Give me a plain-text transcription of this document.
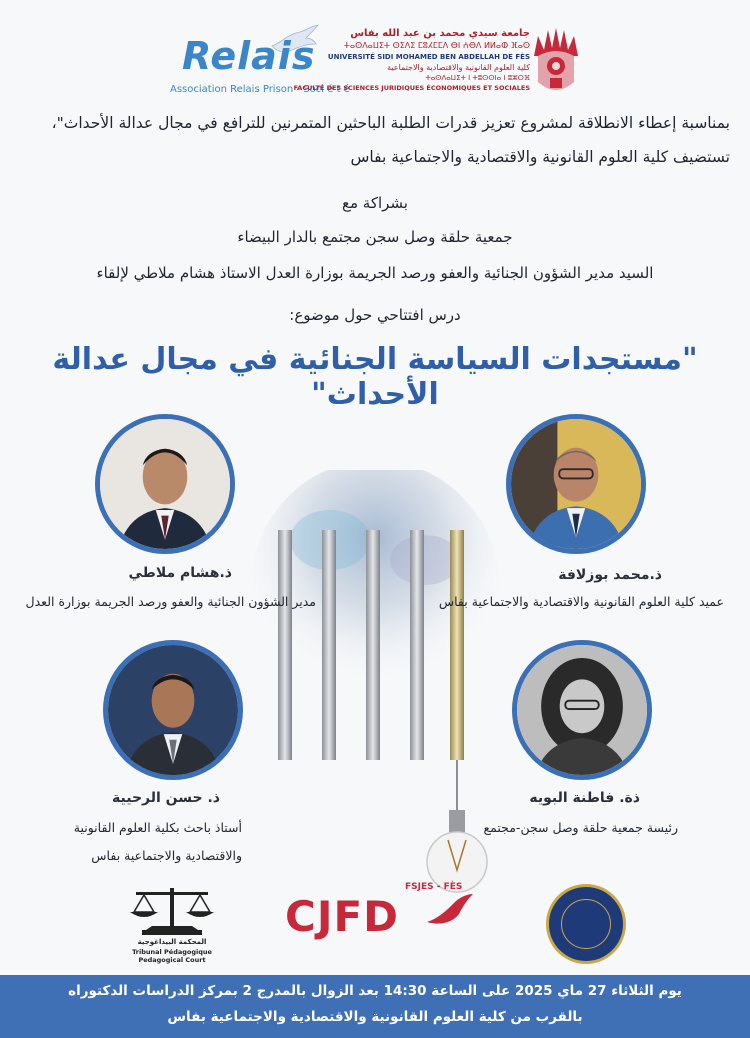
Relais
Association Relais Prison - Soci é t é
جامعة سيدي محمد بن عبد الله بفاس
ⵜⴰⵙⴷⴰⵡⵉⵜ ⵙⵉⴷⵉ ⵎⵓⵃⵎⵎⴷ ⴱⵏ ⵄⴱⴷ ⵍⵍⴰⵀ ⴼⴰⵙ
UNIVERSITÉ SIDI MOHAMED BEN ABDELLAH DE FÈS
كلية العلوم القانونية والاقتصادية والاجتماعية
ⵜⴰⵙⴷⴰⵡⵉⵜ ⵏ ⵜⵓⵙⵙⵏⴰ ⵏ ⵓⵣⵔⴼ
FACULTÉ DES SCIENCES JURIDIQUES ÉCONOMIQUES ET SOCIALES
بمناسبة إعطاء الانطلاقة لمشروع تعزيز قدرات الطلبة الباحثين المتمرنين للترافع في مجال عدالة الأحداث"، تستضيف كلية العلوم القانونية والاقتصادية والاجتماعية بفاس
بشراكة مع
جمعية حلقة وصل سجن مجتمع بالدار البيضاء
السيد مدير الشؤون الجنائية والعفو ورصد الجريمة بوزارة العدل الاستاذ هشام ملاطي لإلقاء
درس افتتاحي حول موضوع:
"مستجدات السياسة الجنائية في مجال عدالة الأحداث"
ذ.هشام ملاطي
مدير الشؤون الجنائية والعفو ورصد الجريمة بوزارة العدل
ذ.محمد بوزلافة
عميد كلية العلوم القانونية والاقتصادية والاجتماعية بفاس
ذ. حسن الرحيية
أستاذ باحث بكلية العلوم القانونية
والاقتصادية والاجتماعية بفاس
ذة. فاطنة البويه
رئيسة جمعية حلقة وصل سجن-مجتمع
المحكمة البيداغوجية
Tribunal Pédagogique
Pedagogical Court
FSJES - FÈS
CJFD
يوم الثلاثاء 27 ماي 2025 على الساعة 14:30 بعد الزوال بالمدرج 2 بمركز الدراسات الدكتوراه
بالقرب من كلية العلوم القانونية والاقتصادية والاجتماعية بفاس
